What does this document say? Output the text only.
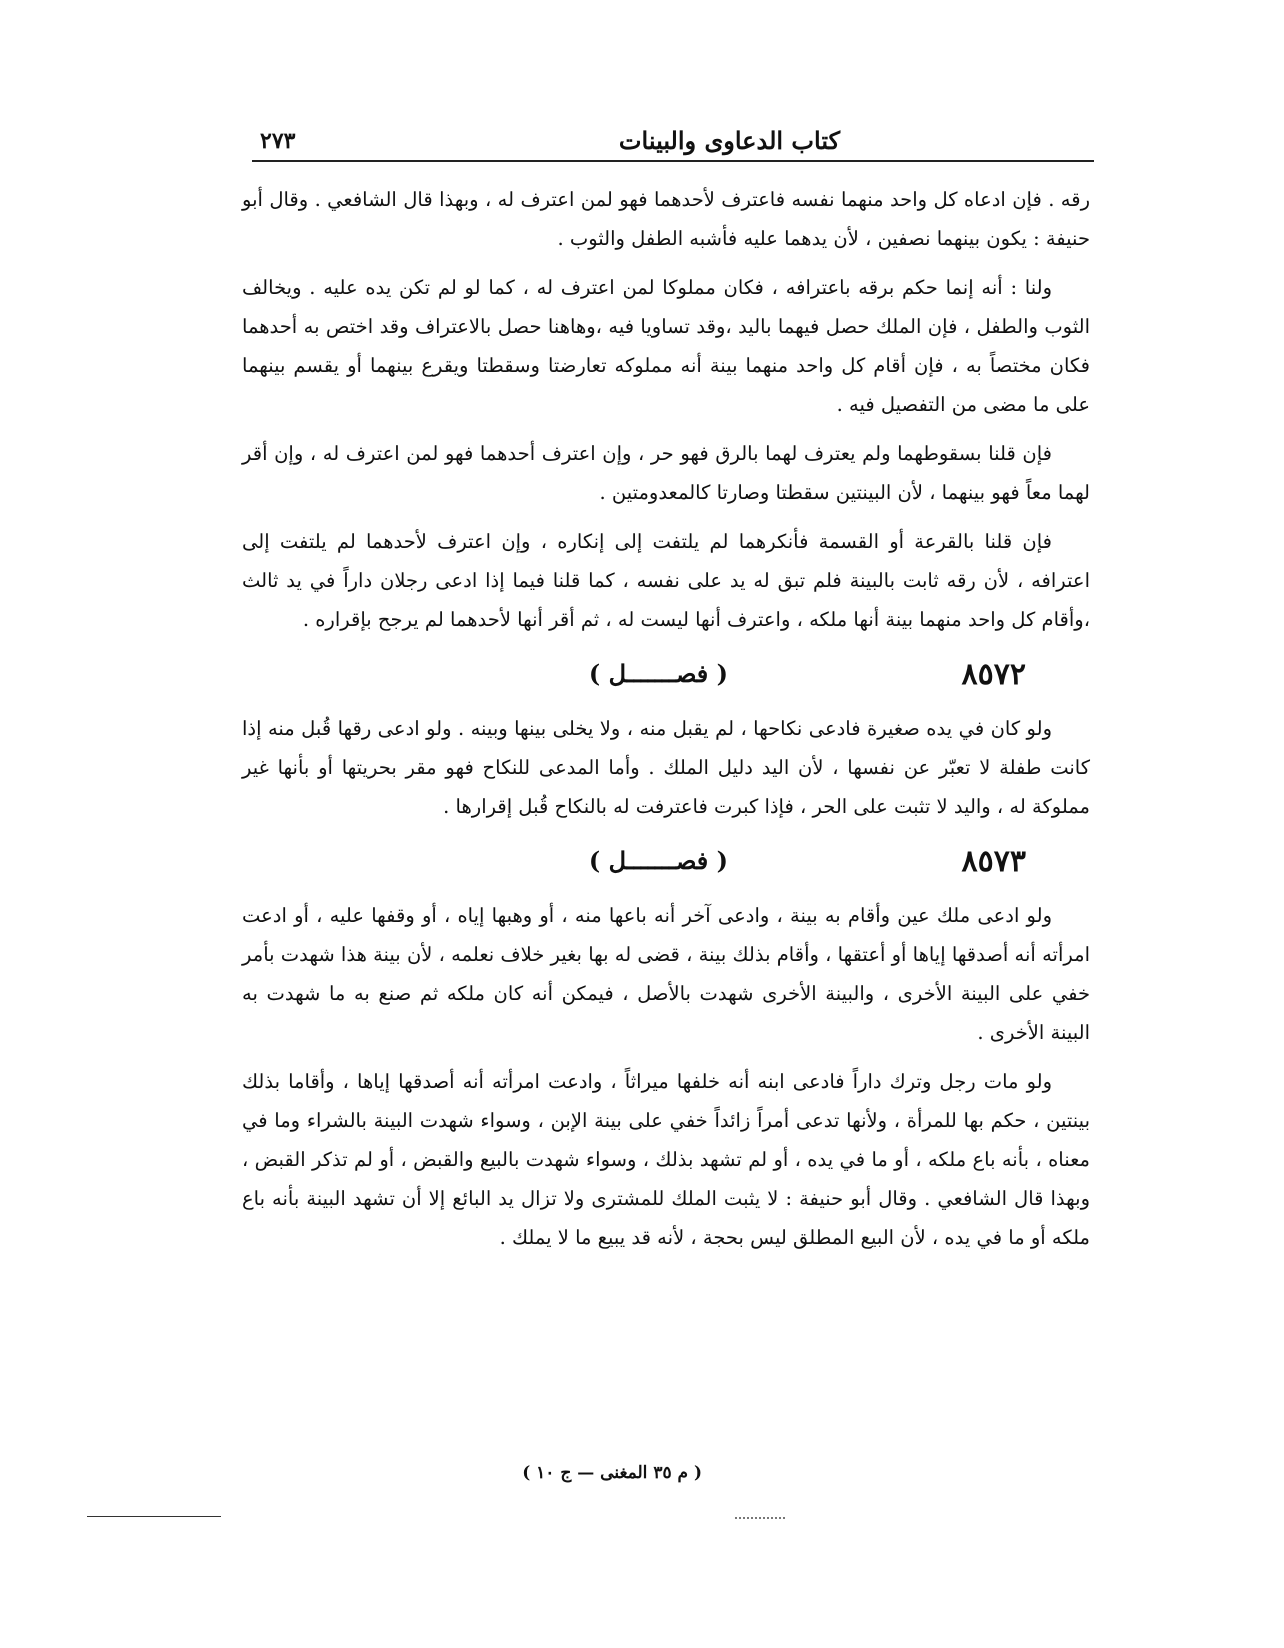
كتاب الدعاوى والبينات
٢٧٣

رقه . فإن ادعاه كل واحد منهما نفسه فاعترف لأحدهما فهو لمن اعترف له ، وبهذا قال الشافعي . وقال أبو حنيفة : يكون بينهما نصفين ، لأن يدهما عليه فأشبه الطفل والثوب .

ولنا : أنه إنما حكم برقه باعترافه ، فكان مملوكا لمن اعترف له ، كما لو لم تكن يده عليه . ويخالف الثوب والطفل ، فإن الملك حصل فيهما باليد ،وقد تساويا فيه ،وهاهنا حصل بالاعتراف وقد اختص به أحدهما فكان مختصاً به ، فإن أقام كل واحد منهما بينة أنه مملوكه تعارضتا وسقطتا ويقرع بينهما أو يقسم بينهما على ما مضى من التفصيل فيه .

فإن قلنا بسقوطهما ولم يعترف لهما بالرق فهو حر ، وإن اعترف أحدهما فهو لمن اعترف له ، وإن أقر لهما معاً فهو بينهما ، لأن البينتين سقطتا وصارتا كالمعدومتين .

فإن قلنا بالقرعة أو القسمة فأنكرهما لم يلتفت إلى إنكاره ، وإن اعترف لأحدهما لم يلتفت إلى اعترافه ، لأن رقه ثابت بالبينة فلم تبق له يد على نفسه ، كما قلنا فيما إذا ادعى رجلان داراً في يد ثالث ،وأقام كل واحد منهما بينة أنها ملكه ، واعترف أنها ليست له ، ثم أقر أنها لأحدهما لم يرجح بإقراره .

٨٥٧٢
( فصـــــــل )

ولو كان في يده صغيرة فادعى نكاحها ، لم يقبل منه ، ولا يخلى بينها وبينه . ولو ادعى رقها قُبل منه إذا كانت طفلة لا تعبّر عن نفسها ، لأن اليد دليل الملك . وأما المدعى للنكاح فهو مقر بحريتها أو بأنها غير مملوكة له ، واليد لا تثبت على الحر ، فإذا كبرت فاعترفت له بالنكاح قُبل إقرارها .

٨٥٧٣
( فصـــــــل )

ولو ادعى ملك عين وأقام به بينة ، وادعى آخر أنه باعها منه ، أو وهبها إياه ، أو وقفها عليه ، أو ادعت امرأته أنه أصدقها إياها أو أعتقها ، وأقام بذلك بينة ، قضى له بها بغير خلاف نعلمه ، لأن بينة هذا شهدت بأمر خفي على البينة الأخرى ، والبينة الأخرى شهدت بالأصل ، فيمكن أنه كان ملكه ثم صنع به ما شهدت به البينة الأخرى .

ولو مات رجل وترك داراً فادعى ابنه أنه خلفها ميراثاً ، وادعت امرأته أنه أصدقها إياها ، وأقاما بذلك بينتين ، حكم بها للمرأة ، ولأنها تدعى أمراً زائداً خفي على بينة الإبن ، وسواء شهدت البينة بالشراء وما في معناه ، بأنه باع ملكه ، أو ما في يده ، أو لم تشهد بذلك ، وسواء شهدت بالبيع والقبض ، أو لم تذكر القبض ، وبهذا قال الشافعي . وقال أبو حنيفة : لا يثبت الملك للمشترى ولا تزال يد البائع إلا أن تشهد البينة بأنه باع ملكه أو ما في يده ، لأن البيع المطلق ليس بحجة ، لأنه قد يبيع ما لا يملك .

( م ٣٥ المغنى — ج ١٠ )
